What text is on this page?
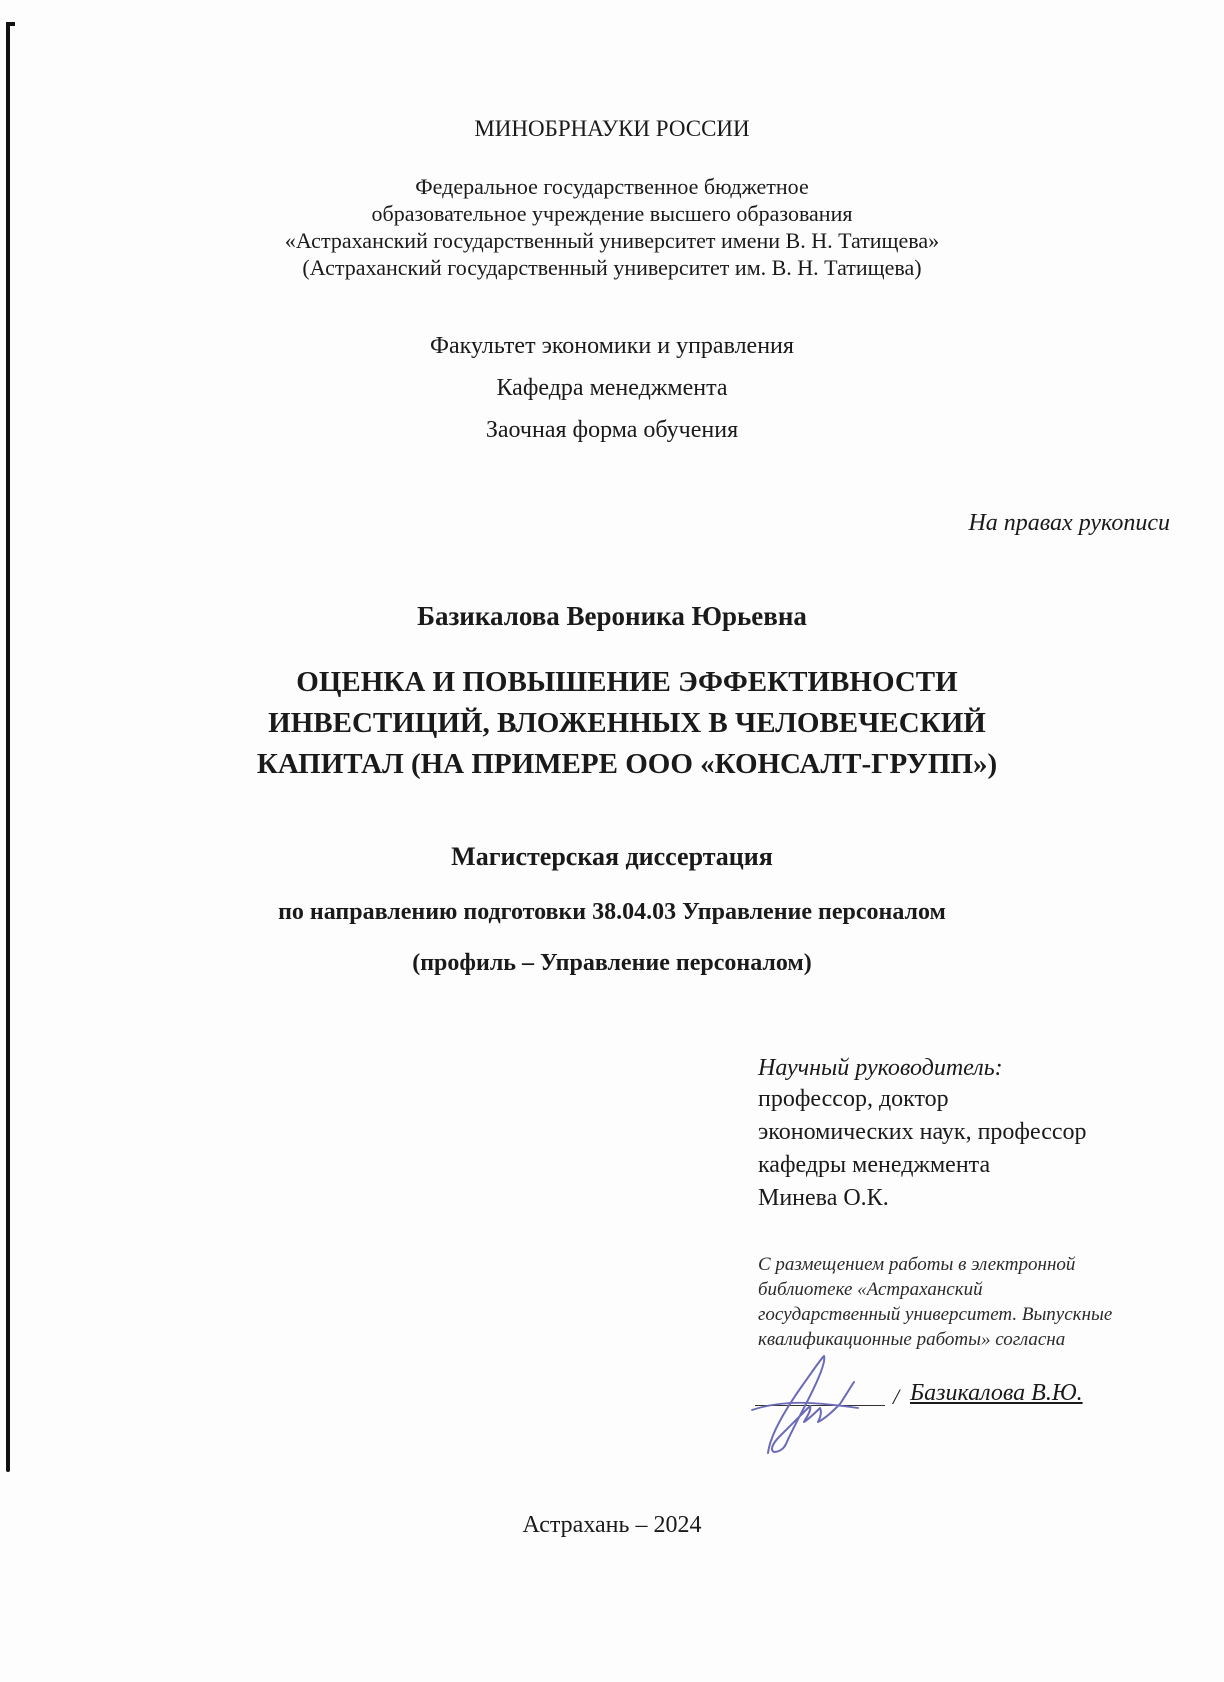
МИНОБРНАУКИ РОССИИ
Федеральное государственное бюджетное
образовательное учреждение высшего образования
«Астраханский государственный университет имени В. Н. Татищева»
(Астраханский государственный университет им. В. Н. Татищева)
Факультет экономики и управления
Кафедра менеджмента
Заочная форма обучения
На правах рукописи
Базикалова Вероника Юрьевна
ОЦЕНКА И ПОВЫШЕНИЕ ЭФФЕКТИВНОСТИ
ИНВЕСТИЦИЙ, ВЛОЖЕННЫХ В ЧЕЛОВЕЧЕСКИЙ
КАПИТАЛ (НА ПРИМЕРЕ ООО «КОНСАЛТ-ГРУПП»)
Магистерская диссертация
по направлению подготовки 38.04.03 Управление персоналом
(профиль – Управление персоналом)
Научный руководитель:
профессор, доктор
экономических наук, профессор
кафедры менеджмента
Минева О.К.
С размещением работы в электронной
библиотеке «Астраханский
государственный университет. Выпускные
квалификационные работы» согласна
/ Базикалова В.Ю.
Астрахань – 2024
